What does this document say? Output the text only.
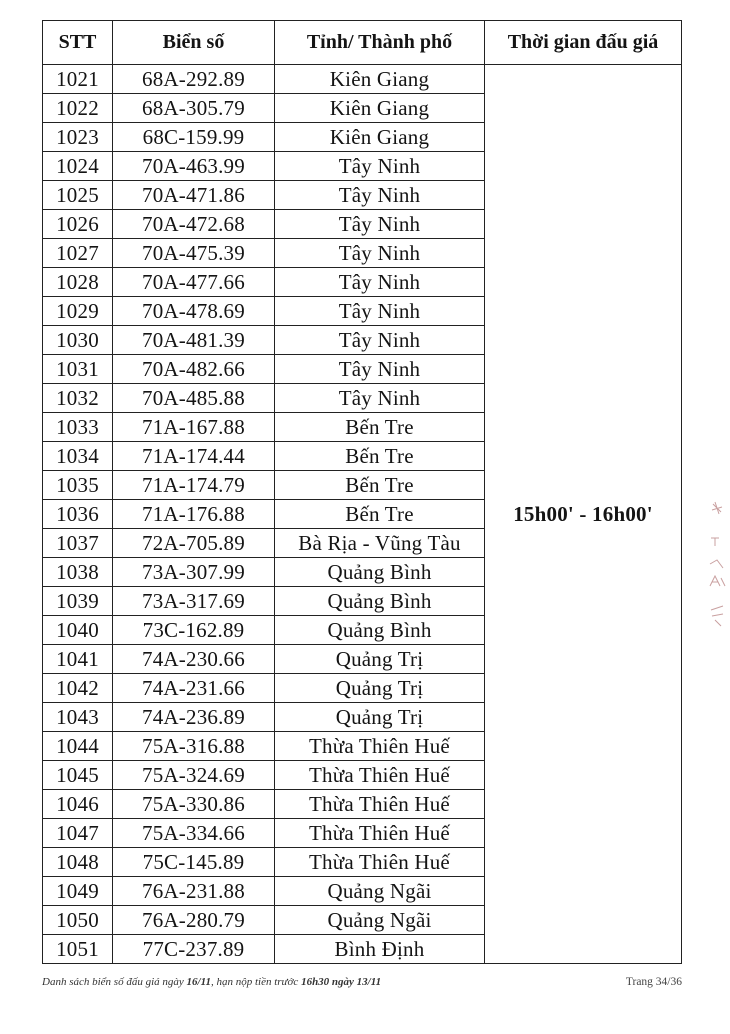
STT	Biển số	Tỉnh/ Thành phố	Thời gian đấu giá
1021	68A-292.89	Kiên Giang	15h00' - 16h00'
1022	68A-305.79	Kiên Giang	
1023	68C-159.99	Kiên Giang	
1024	70A-463.99	Tây Ninh	
1025	70A-471.86	Tây Ninh	
1026	70A-472.68	Tây Ninh	
1027	70A-475.39	Tây Ninh	
1028	70A-477.66	Tây Ninh	
1029	70A-478.69	Tây Ninh	
1030	70A-481.39	Tây Ninh	
1031	70A-482.66	Tây Ninh	
1032	70A-485.88	Tây Ninh	
1033	71A-167.88	Bến Tre	
1034	71A-174.44	Bến Tre	
1035	71A-174.79	Bến Tre	
1036	71A-176.88	Bến Tre	
1037	72A-705.89	Bà Rịa - Vũng Tàu	
1038	73A-307.99	Quảng Bình	
1039	73A-317.69	Quảng Bình	
1040	73C-162.89	Quảng Bình	
1041	74A-230.66	Quảng Trị	
1042	74A-231.66	Quảng Trị	
1043	74A-236.89	Quảng Trị	
1044	75A-316.88	Thừa Thiên Huế	
1045	75A-324.69	Thừa Thiên Huế	
1046	75A-330.86	Thừa Thiên Huế	
1047	75A-334.66	Thừa Thiên Huế	
1048	75C-145.89	Thừa Thiên Huế	
1049	76A-231.88	Quảng Ngãi	
1050	76A-280.79	Quảng Ngãi	
1051	77C-237.89	Bình Định	
Danh sách biển số đấu giá ngày 16/11, hạn nộp tiền trước 16h30 ngày 13/11	Trang 34/36
